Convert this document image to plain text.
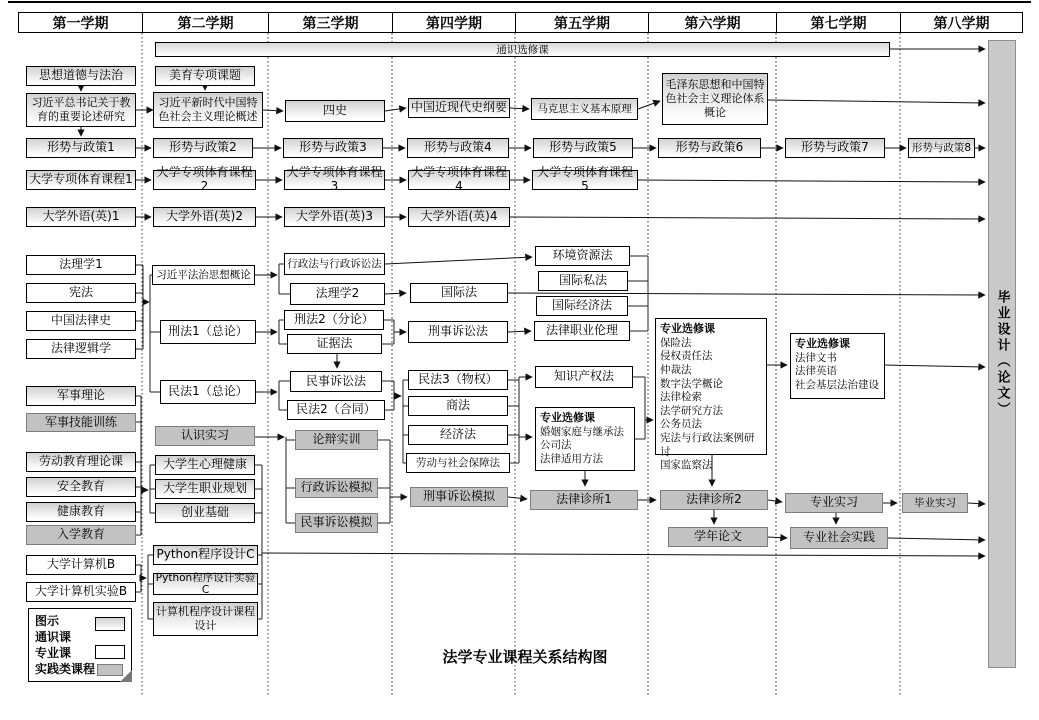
第一学期	第二学期	第三学期	第四学期	第五学期	第六学期	第七学期	第八学期
通识选修课
毕业设计（论文）
思想道德与法治
习近平总书记关于教育的重要论述研究
形势与政策1
大学专项体育课程1
大学外语(英)1
法理学1
宪法
中国法律史
法律逻辑学
军事理论
军事技能训练
劳动教育理论课
安全教育
健康教育
入学教育
大学计算机B
大学计算机实验B
美育专项课题
习近平新时代中国特色社会主义理论概述
形势与政策2
大学专项体育课程2
大学外语(英)2
习近平法治思想概论
刑法1（总论）
民法1（总论）
认识实习
大学生心理健康
大学生职业规划
创业基础
Python程序设计C
Python程序设计实验C
计算机程序设计课程设计
四史
形势与政策3
大学专项体育课程3
大学外语(英)3
行政法与行政诉讼法
法理学2
刑法2（分论）
证据法
民事诉讼法
民法2（合同）
论辩实训
行政诉讼模拟
民事诉讼模拟
中国近现代史纲要
形势与政策4
大学专项体育课程4
大学外语(英)4
国际法
刑事诉讼法
民法3（物权）
商法
经济法
劳动与社会保障法
刑事诉讼模拟
马克思主义基本原理
形势与政策5
大学专项体育课程5
环境资源法
国际私法
国际经济法
法律职业伦理
知识产权法
专业选修课
婚姻家庭与继承法
公司法
法律适用方法
法律诊所1
毛泽东思想和中国特色社会主义理论体系概论
形势与政策6
专业选修课
保险法
侵权责任法
仲裁法
数字法学概论
法律检索
法学研究方法
公务员法
宪法与行政法案例研讨
国家监察法
法律诊所2
学年论文
形势与政策7
专业选修课
法律文书
法律英语
社会基层法治建设
专业实习
专业社会实践
形势与政策8
毕业实习
图示
通识课
专业课
实践类课程
法学专业课程关系结构图
